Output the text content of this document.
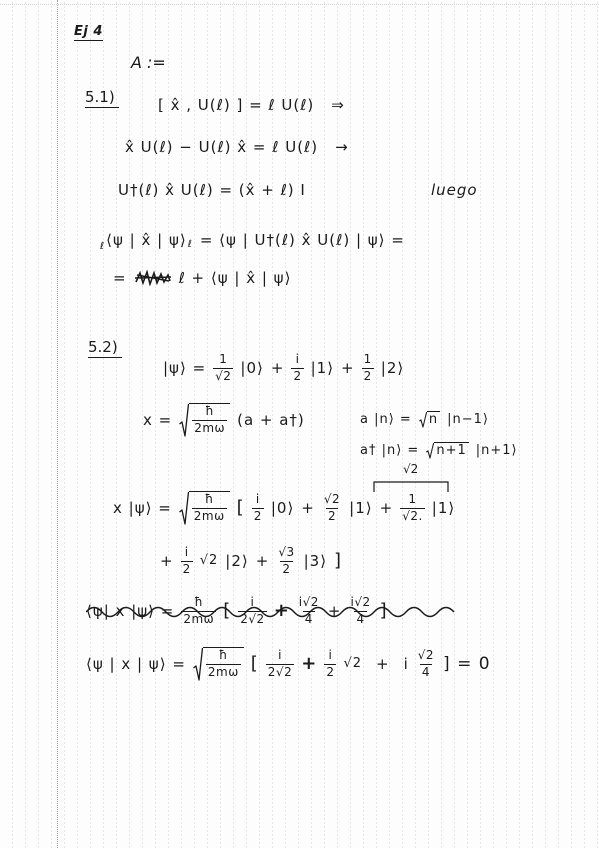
Ej 4
A :=
5.1)	[ x̂ , U(ℓ) ] = ℓ U(ℓ) ⇒
x̂ U(ℓ) − U(ℓ) x̂ = ℓ U(ℓ) →
U†(ℓ) x̂ U(ℓ) = (x̂ + ℓ) I	luego
ℓ ⟨ψ | x̂ | ψ⟩ ℓ = ⟨ψ | U†(ℓ) x̂ U(ℓ) | ψ⟩ =
=	ℓ + ⟨ψ | x̂ | ψ⟩
5.2)
|ψ⟩ = $\frac{1}{√2}$ |0⟩ + $\frac{i}{2}$ |1⟩ + $\frac{1}{2}$ |2⟩
$x = \frac{ħ}{2m\omega} (a$ + a†)	a |n⟩ = n |n−1⟩
a† |n⟩ = n+1 |n+1⟩
√2
x |ψ⟩ = $\frac{ħ}{2m\omega}$ [ $\frac{i}{2}$ |0⟩ + $\frac{√2}{2}$ |1⟩ + $\frac{1}{√2.}$ |1⟩
+ $\frac{i}{2} √2$ |2⟩ + $\frac{√3}{2}$ |3⟩ ]
⟨ψ| x |ψ⟩ = $\frac{ħ}{2m\omega}$ [ $\frac{i}{2√2} + \frac{i√2}{4} + \frac{i√2}{4}$ ]
⟨ψ | x | ψ⟩ = $\frac{ħ}{2m\omega}$ [ $\frac{i}{2√2} + \frac{i}{2} √2 + i \frac{√2}{4}$ ] = 0
